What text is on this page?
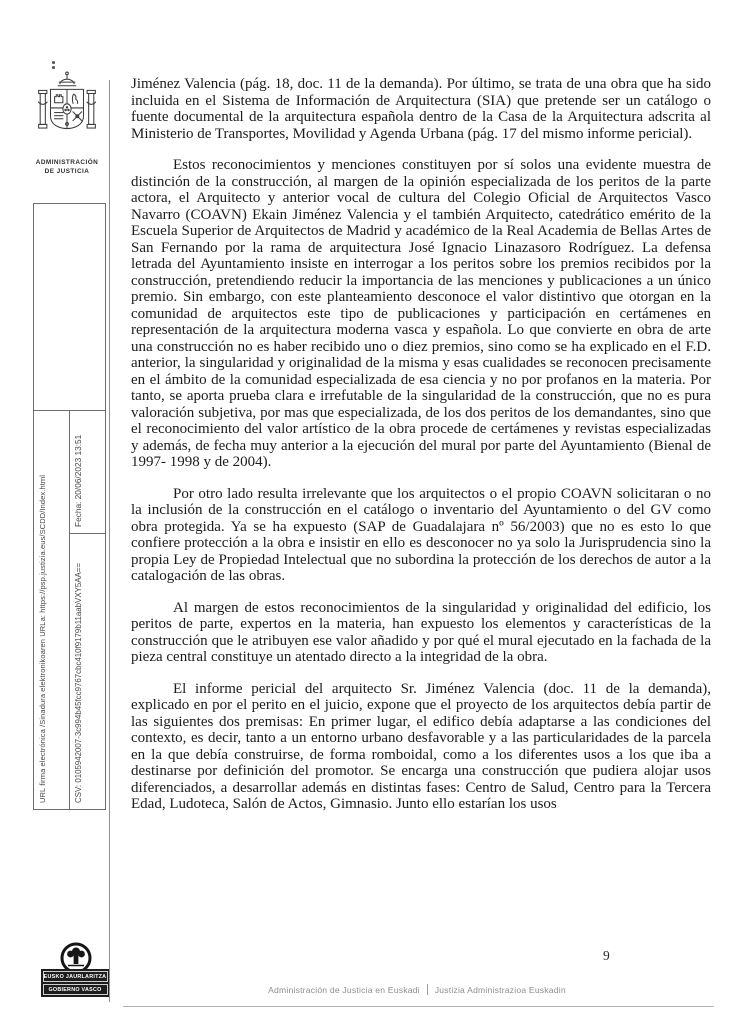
ADMINISTRACIÓN
DE JUSTICIA
URL firma electrónica /Sinadura elektronikoaren URLa: https://psp.justizia.eus/SCDD/Index.html	Fecha: 20/06/2023 13:51
CSV: 0105942007-3c994b45fcc9767cbc410f9179b11aabVXY5AA==

Jiménez Valencia (pág. 18, doc. 11 de la demanda). Por último, se trata de una obra que ha sido incluida en el Sistema de Información de Arquitectura (SIA) que pretende ser un catálogo o fuente documental de la arquitectura española dentro de la Casa de la Arquitectura adscrita al Ministerio de Transportes, Movilidad y Agenda Urbana (pág. 17 del mismo informe pericial).

Estos reconocimientos y menciones constituyen por sí solos una evidente muestra de distinción de la construcción, al margen de la opinión especializada de los peritos de la parte actora, el Arquitecto y anterior vocal de cultura del Colegio Oficial de Arquitectos Vasco Navarro (COAVN) Ekain Jiménez Valencia y el también Arquitecto, catedrático emérito de la Escuela Superior de Arquitectos de Madrid y académico de la Real Academia de Bellas Artes de San Fernando por la rama de arquitectura José Ignacio Linazasoro Rodríguez. La defensa letrada del Ayuntamiento insiste en interrogar a los peritos sobre los premios recibidos por la construcción, pretendiendo reducir la importancia de las menciones y publicaciones a un único premio. Sin embargo, con este planteamiento desconoce el valor distintivo que otorgan en la comunidad de arquitectos este tipo de publicaciones y participación en certámenes en representación de la arquitectura moderna vasca y española. Lo que convierte en obra de arte una construcción no es haber recibido uno o diez premios, sino como se ha explicado en el F.D. anterior, la singularidad y originalidad de la misma y esas cualidades se reconocen precisamente en el ámbito de la comunidad especializada de esa ciencia y no por profanos en la materia. Por tanto, se aporta prueba clara e irrefutable de la singularidad de la construcción, que no es pura valoración subjetiva, por mas que especializada, de los dos peritos de los demandantes, sino que el reconocimiento del valor artístico de la obra procede de certámenes y revistas especializadas y además, de fecha muy anterior a la ejecución del mural por parte del Ayuntamiento (Bienal de 1997- 1998 y de 2004).

Por otro lado resulta irrelevante que los arquitectos o el propio COAVN solicitaran o no la inclusión de la construcción en el catálogo o inventario del Ayuntamiento o del GV como obra protegida. Ya se ha expuesto (SAP de Guadalajara nº 56/2003) que no es esto lo que confiere protección a la obra e insistir en ello es desconocer no ya solo la Jurisprudencia sino la propia Ley de Propiedad Intelectual que no subordina la protección de los derechos de autor a la catalogación de las obras.

Al margen de estos reconocimientos de la singularidad y originalidad del edificio, los peritos de parte, expertos en la materia, han expuesto los elementos y características de la construcción que le atribuyen ese valor añadido y por qué el mural ejecutado en la fachada de la pieza central constituye un atentado directo a la integridad de la obra.

El informe pericial del arquitecto Sr. Jiménez Valencia (doc. 11 de la demanda), explicado en por el perito en el juicio, expone que el proyecto de los arquitectos debía partir de las siguientes dos premisas: En primer lugar, el edifico debía adaptarse a las condiciones del contexto, es decir, tanto a un entorno urbano desfavorable y a las particularidades de la parcela en la que debía construirse, de forma romboidal, como a los diferentes usos a los que iba a destinarse por definición del promotor. Se encarga una construcción que pudiera alojar usos diferenciados, a desarrollar además en distintas fases: Centro de Salud, Centro para la Tercera Edad, Ludoteca, Salón de Actos, Gimnasio. Junto ello estarían los usos

9
EUSKO JAURLARITZA
GOBIERNO VASCO	Administración de Justicia en Euskadi Justizia Administrazioa Euskadin
